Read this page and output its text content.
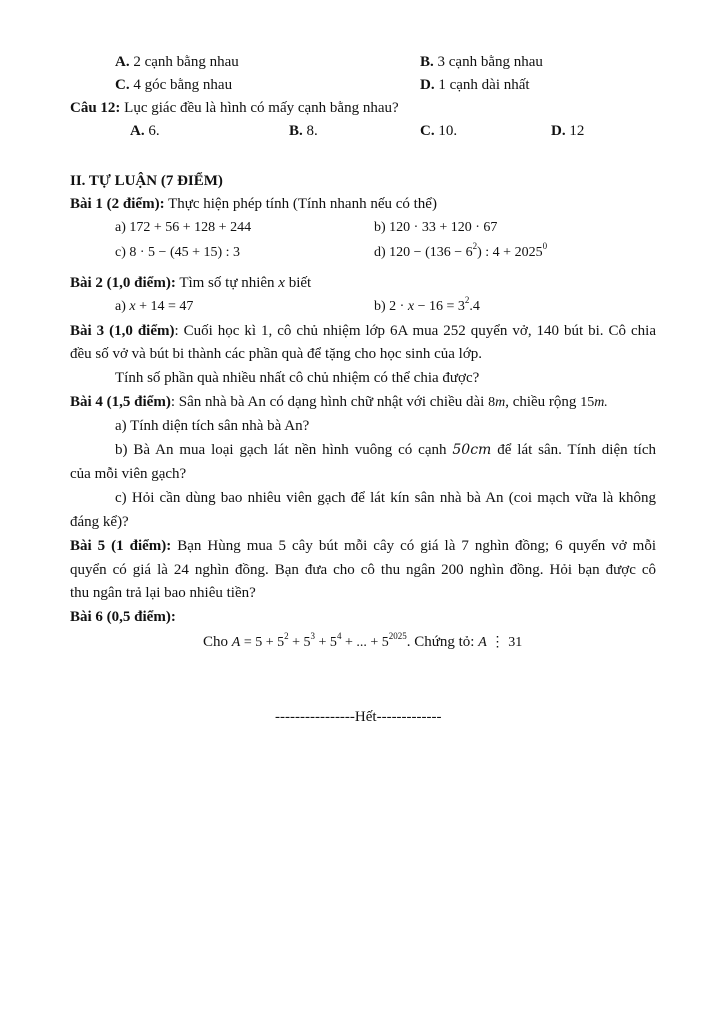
A. 2 cạnh bằng nhau	B. 3 cạnh bằng nhau
C. 4 góc bằng nhau	D. 1 cạnh dài nhất
Câu 12: Lục giác đều là hình có mấy cạnh bằng nhau?
A. 6.	B. 8.	C. 10.	D. 12
II. TỰ LUẬN (7 ĐIỂM)
Bài 1 (2 điểm): Thực hiện phép tính (Tính nhanh nếu có thể)
a) 172 + 56 + 128 + 244	b) 120 · 33 + 120 · 67
c) 8 · 5 − (45 + 15) : 3	d) $120 - (136 - 6^2)$ : $4 + 2025^0$
Bài 2 (1,0 điểm): Tìm số tự nhiên x biết
a) x + 14 = 47	b) $2 \cdot x - 16 = 3^2.4$
Bài 3 (1,0 điểm): Cuối học kì 1, cô chủ nhiệm lớp 6A mua 252 quyển vở, 140 bút bi. Cô chia
đều số vở và bút bi thành các phần quà để tặng cho học sinh của lớp.
Tính số phần quà nhiều nhất cô chủ nhiệm có thể chia được?
Bài 4 (1,5 điểm): Sân nhà bà An có dạng hình chữ nhật với chiều dài 8m, chiều rộng 15m.
a) Tính diện tích sân nhà bà An?
b) Bà An mua loại gạch lát nền hình vuông có cạnh 50cm để lát sân. Tính diện tích
của mỗi viên gạch?
c) Hỏi cần dùng bao nhiêu viên gạch để lát kín sân nhà bà An (coi mạch vữa là không
đáng kể)?
Bài 5 (1 điểm): Bạn Hùng mua 5 cây bút mỗi cây có giá là 7 nghìn đồng; 6 quyển vở mỗi
quyển có giá là 24 nghìn đồng. Bạn đưa cho cô thu ngân 200 nghìn đồng. Hỏi bạn được cô
thu ngân trả lại bao nhiêu tiền?
Bài 6 (0,5 điểm):
Cho $A = 5 + 5^2 + 5^3 + 5^4$ + ... + $5^{2025}$. Chứng tỏ: A ⋮ 31
----------------Hết-------------
